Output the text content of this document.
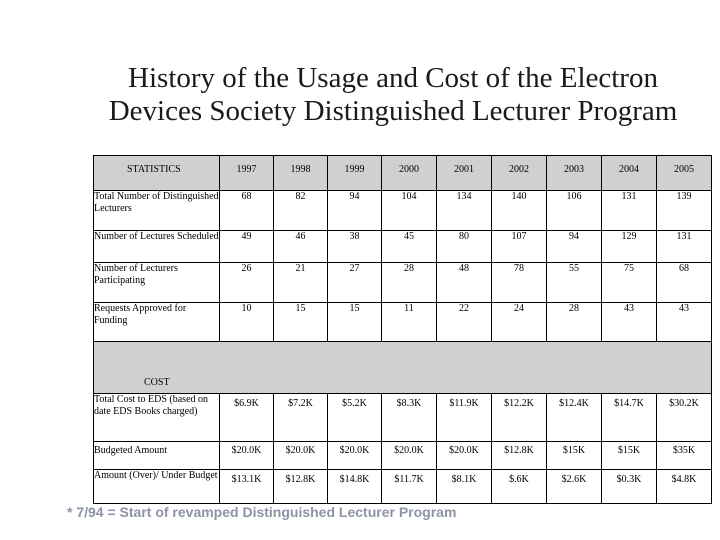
History of the Usage and Cost of the Electron
Devices Society Distinguished Lecturer Program
STATISTICS	1997	1998	1999	2000	2001	2002	2003	2004	2005
Total Number of Distinguished Lecturers	68	82	94	104	134	140	106	131	139
Number of Lectures Scheduled	49	46	38	45	80	107	94	129	131
Number of Lecturers Participating	26	21	27	28	48	78	55	75	68
Requests Approved for Funding	10	15	15	11	22	24	28	43	43
COST									
Total Cost to EDS (based on date EDS Books charged)	$6.9K	$7.2K	$5.2K	$8.3K	$11.9K	$12.2K	$12.4K	$14.7K	$30.2K
Budgeted Amount	$20.0K	$20.0K	$20.0K	$20.0K	$20.0K	$12.8K	$15K	$15K	$35K
Amount (Over)/ Under Budget	$13.1K	$12.8K	$14.8K	$11.7K	$8.1K	$.6K	$2.6K	$0.3K	$4.8K
* 7/94 = Start of revamped Distinguished Lecturer Program
